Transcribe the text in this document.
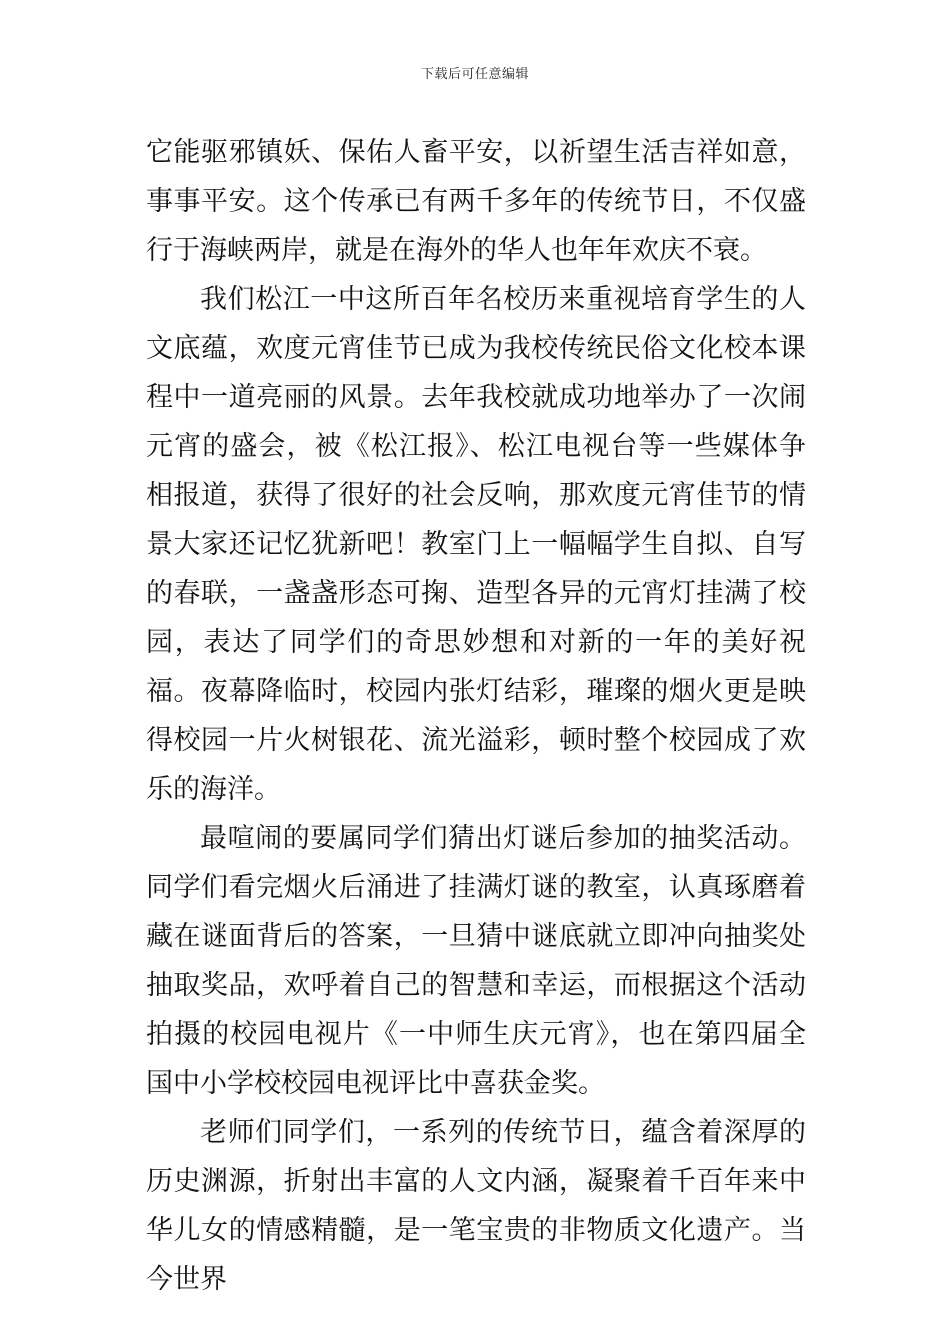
下载后可任意编辑

它能驱邪镇妖、保佑人畜平安，以祈望生活吉祥如意，事事平安。这个传承已有两千多年的传统节日，不仅盛行于海峡两岸，就是在海外的华人也年年欢庆不衰。

我们松江一中这所百年名校历来重视培育学生的人文底蕴，欢度元宵佳节已成为我校传统民俗文化校本课程中一道亮丽的风景。去年我校就成功地举办了一次闹元宵的盛会，被《松江报》、松江电视台等一些媒体争相报道，获得了很好的社会反响，那欢度元宵佳节的情景大家还记忆犹新吧！教室门上一幅幅学生自拟、自写的春联，一盏盏形态可掬、造型各异的元宵灯挂满了校园，表达了同学们的奇思妙想和对新的一年的美好祝福。夜幕降临时，校园内张灯结彩，璀璨的烟火更是映得校园一片火树银花、流光溢彩，顿时整个校园成了欢乐的海洋。

最喧闹的要属同学们猜出灯谜后参加的抽奖活动。同学们看完烟火后涌进了挂满灯谜的教室，认真琢磨着藏在谜面背后的答案，一旦猜中谜底就立即冲向抽奖处抽取奖品，欢呼着自己的智慧和幸运，而根据这个活动拍摄的校园电视片《一中师生庆元宵》，也在第四届全国中小学校校园电视评比中喜获金奖。

老师们同学们，一系列的传统节日，蕴含着深厚的历史渊源，折射出丰富的人文内涵，凝聚着千百年来中华儿女的情感精髓，是一笔宝贵的非物质文化遗产。当今世界
